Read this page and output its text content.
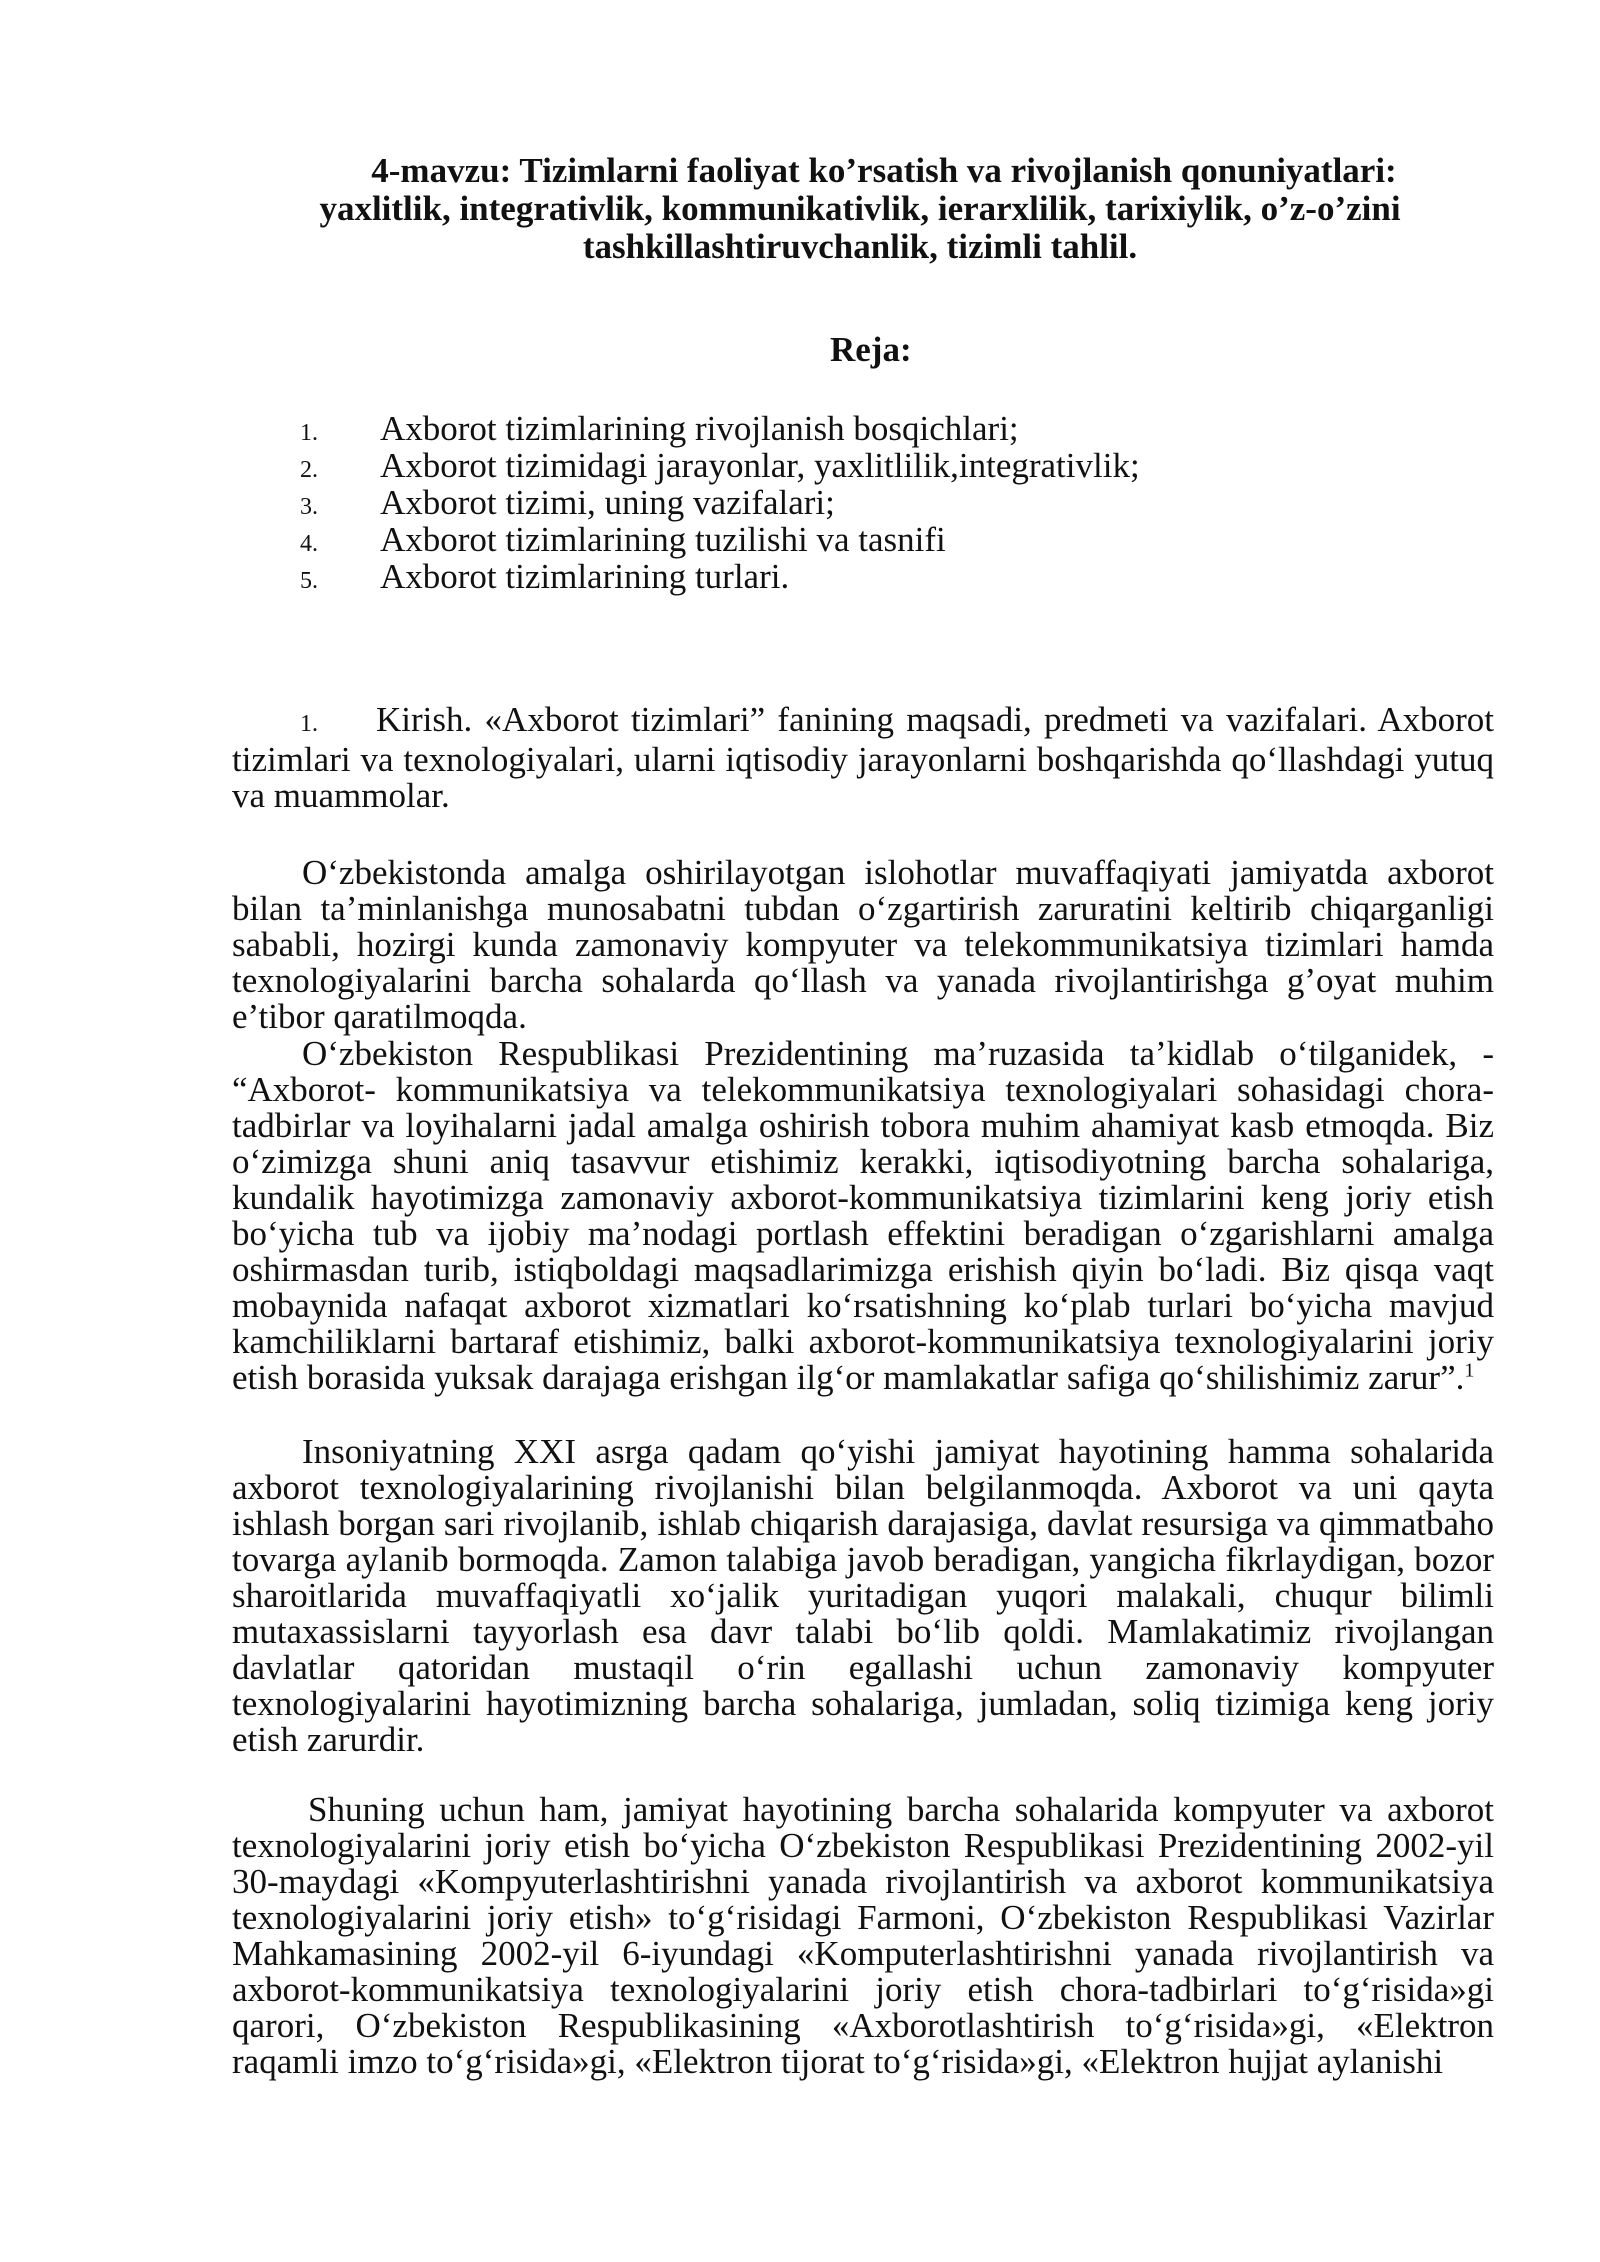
4-mavzu: Tizimlarni faoliyat ko’rsatish va rivojlanish qonuniyatlari:
yaxlitlik, integrativlik, kommunikativlik, ierarxlilik, tarixiylik, o’z-o’zini
tashkillashtiruvchanlik, tizimli tahlil.
Reja:
1. Axborot tizimlarining rivojlanish bosqichlari;
2. Axborot tizimidagi jarayonlar, yaxlitlilik,integrativlik;
3. Axborot tizimi, uning vazifalari;
4. Axborot tizimlarining tuzilishi va tasnifi
5. Axborot tizimlarining turlari.

1. Kirish. «Axborot tizimlari” fanining maqsadi, predmeti va vazifalari. Axborot tizimlari va texnologiyalari, ularni iqtisodiy jarayonlarni boshqarishda qo‘llashdagi yutuq va muammolar.

O‘zbekistonda amalga oshirilayotgan islohotlar muvaffaqiyati jamiyatda axborot bilan ta’minlanishga munosabatni tubdan o‘zgartirish zaruratini keltirib chiqarganligi sababli, hozirgi kunda zamonaviy kompyuter va telekommunikatsiya tizimlari hamda texnologiyalarini barcha sohalarda qo‘llash va yanada rivojlantirishga g’oyat muhim e’tibor qaratilmoqda.

O‘zbekiston Respublikasi Prezidentining ma’ruzasida ta’kidlab o‘tilganidek, - “Axborot- kommunikatsiya va telekommunikatsiya texnologiyalari sohasidagi chora-tadbirlar va loyihalarni jadal amalga oshirish tobora muhim ahamiyat kasb etmoqda. Biz o‘zimizga shuni aniq tasavvur etishimiz kerakki, iqtisodiyotning barcha sohalariga, kundalik hayotimizga zamonaviy axborot-kommunikatsiya tizimlarini keng joriy etish bo‘yicha tub va ijobiy ma’nodagi portlash effektini beradigan o‘zgarishlarni amalga oshirmasdan turib, istiqboldagi maqsadlarimizga erishish qiyin bo‘ladi. Biz qisqa vaqt mobaynida nafaqat axborot xizmatlari ko‘rsatishning ko‘plab turlari bo‘yicha mavjud kamchiliklarni bartaraf etishimiz, balki axborot-kommunikatsiya texnologiyalarini joriy etish borasida yuksak darajaga erishgan ilg‘or mamlakatlar safiga qo‘shilishimiz zarur”.$^1$

Insoniyatning XXI asrga qadam qo‘yishi jamiyat hayotining hamma sohalarida axborot texnologiyalarining rivojlanishi bilan belgilanmoqda. Axborot va uni qayta ishlash borgan sari rivojlanib, ishlab chiqarish darajasiga, davlat resursiga va qimmatbaho tovarga aylanib bormoqda. Zamon talabiga javob beradigan, yangicha fikrlaydigan, bozor sharoitlarida muvaffaqiyatli xo‘jalik yuritadigan yuqori malakali, chuqur bilimli mutaxassislarni tayyorlash esa davr talabi bo‘lib qoldi. Mamlakatimiz rivojlangan davlatlar qatoridan mustaqil o‘rin egallashi uchun zamonaviy kompyuter texnologiyalarini hayotimizning barcha sohalariga, jumladan, soliq tizimiga keng joriy etish zarurdir.

Shuning uchun ham, jamiyat hayotining barcha sohalarida kompyuter va axborot texnologiyalarini joriy etish bo‘yicha O‘zbekiston Respublikasi Prezidentining 2002-yil 30-maydagi «Kompyuterlashtirishni yanada rivojlantirish va axborot kommunikatsiya texnologiyalarini joriy etish» to‘g‘risidagi Farmoni, O‘zbekiston Respublikasi Vazirlar Mahkamasining 2002-yil 6-iyundagi «Komputerlashtirishni yanada rivojlantirish va axborot-kommunikatsiya texnologiyalarini joriy etish chora-tadbirlari to‘g‘risida»gi qarori, O‘zbekiston Respublikasining «Axborotlashtirish to‘g‘risida»gi, «Elektron raqamli imzo to‘g‘risida»gi, «Elektron tijorat to‘g‘risida»gi, «Elektron hujjat aylanishi
